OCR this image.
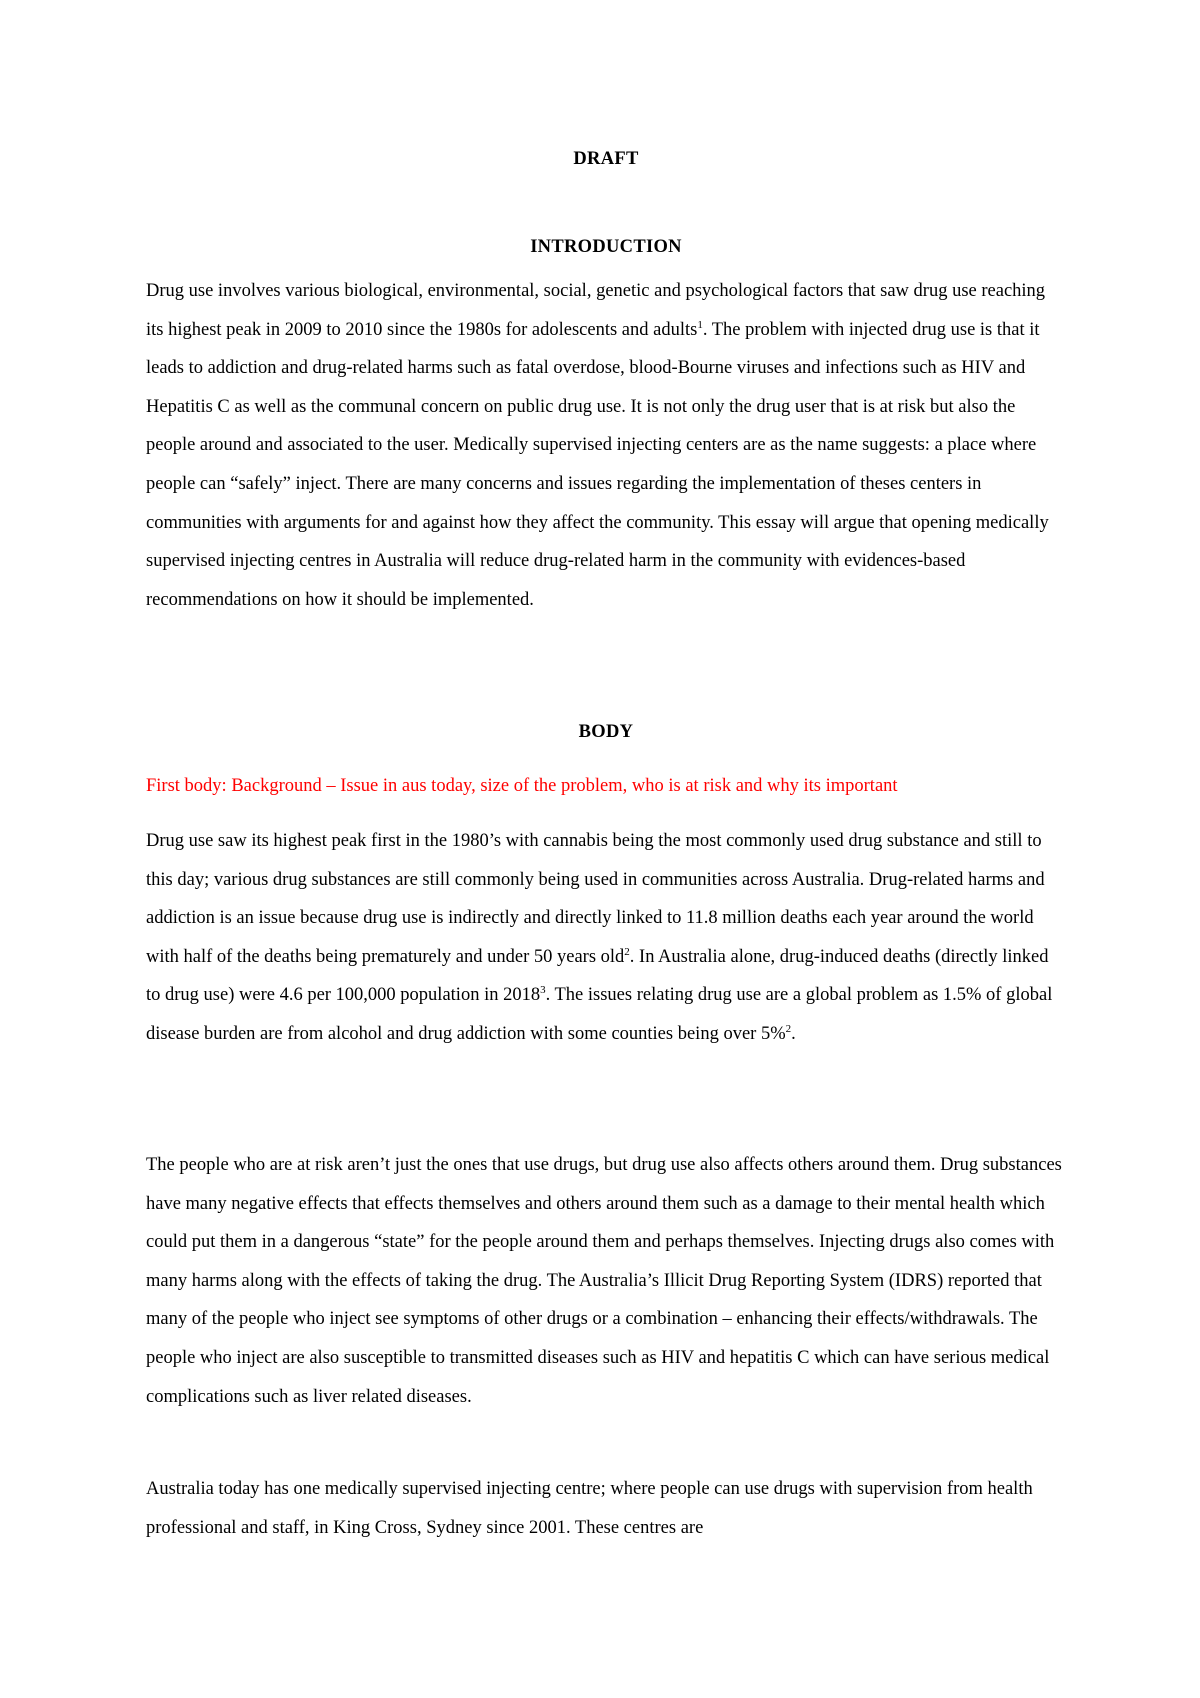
DRAFT
INTRODUCTION

Drug use involves various biological, environmental, social, genetic and psychological factors that saw drug use reaching its highest peak in 2009 to 2010 since the 1980s for adolescents and adults$^1$. The problem with injected drug use is that it leads to addiction and drug-related harms such as fatal overdose, blood-Bourne viruses and infections such as HIV and Hepatitis C as well as the communal concern on public drug use. It is not only the drug user that is at risk but also the people around and associated to the user. Medically supervised injecting centers are as the name suggests: a place where people can “safely” inject. There are many concerns and issues regarding the implementation of theses centers in communities with arguments for and against how they affect the community. This essay will argue that opening medically supervised injecting centres in Australia will reduce drug-related harm in the community with evidences-based recommendations on how it should be implemented.

BODY

First body: Background – Issue in aus today, size of the problem, who is at risk and why its important

Drug use saw its highest peak first in the 1980’s with cannabis being the most commonly used drug substance and still to this day; various drug substances are still commonly being used in communities across Australia. Drug-related harms and addiction is an issue because drug use is indirectly and directly linked to 11.8 million deaths each year around the world with half of the deaths being prematurely and under 50 years old$^2$. In Australia alone, drug-induced deaths (directly linked to drug use) were 4.6 per 100,000 population in 2018$^3$. The issues relating drug use are a global problem as 1.5% of global disease burden are from alcohol and drug addiction with some counties being over 5%$^2$.

The people who are at risk aren’t just the ones that use drugs, but drug use also affects others around them. Drug substances have many negative effects that effects themselves and others around them such as a damage to their mental health which could put them in a dangerous “state” for the people around them and perhaps themselves. Injecting drugs also comes with many harms along with the effects of taking the drug. The Australia’s Illicit Drug Reporting System (IDRS) reported that many of the people who inject see symptoms of other drugs or a combination – enhancing their effects/withdrawals. The people who inject are also susceptible to transmitted diseases such as HIV and hepatitis C which can have serious medical complications such as liver related diseases.

Australia today has one medically supervised injecting centre; where people can use drugs with supervision from health professional and staff, in King Cross, Sydney since 2001. These centres are
